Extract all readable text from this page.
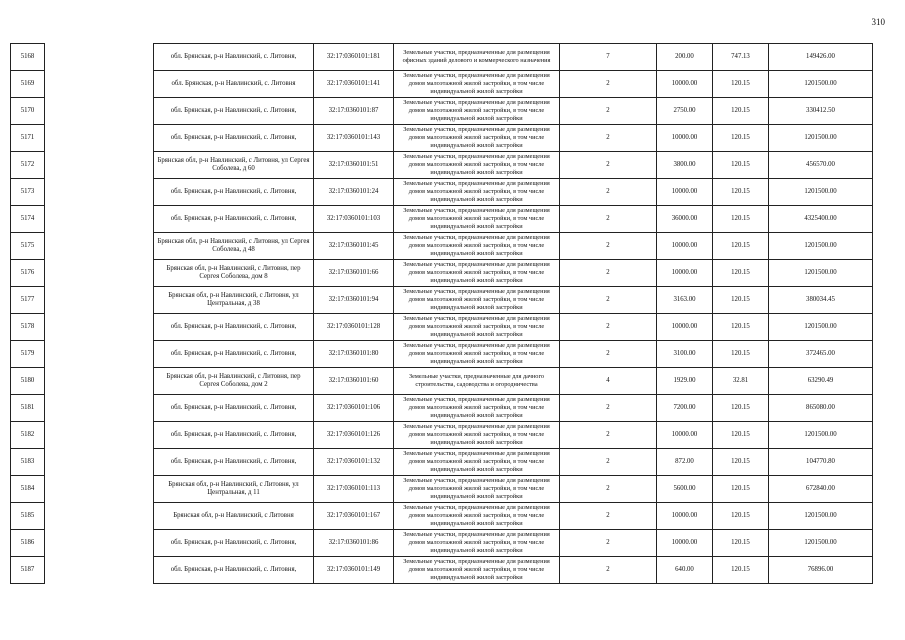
310
5168		обл. Брянская, р-н Навлинский, с. Литовня,	32:17:0360101:181	Земельные участки, предназначенные для размещения офисных зданий делового и коммерческого назначения	7	200.00	747.13	149426.00
5169		обл. Брянская, р-н Навлинский, с. Литовня	32:17:0360101:141	Земельные участки, предназначенные для размещения домов малоэтажной жилой застройки, в том числе индивидуальной жилой застройки	2	10000.00	120.15	1201500.00
5170		обл. Брянская, р-н Навлинский, с. Литовня,	32:17:0360101:87	Земельные участки, предназначенные для размещения домов малоэтажной жилой застройки, в том числе индивидуальной жилой застройки	2	2750.00	120.15	330412.50
5171		обл. Брянская, р-н Навлинский, с. Литовня,	32:17:0360101:143	Земельные участки, предназначенные для размещения домов малоэтажной жилой застройки, в том числе индивидуальной жилой застройки	2	10000.00	120.15	1201500.00
5172		Брянская обл, р-н Навлинский, с Литовня, ул Сергея Соболева, д 60	32:17:0360101:51	Земельные участки, предназначенные для размещения домов малоэтажной жилой застройки, в том числе индивидуальной жилой застройки	2	3800.00	120.15	456570.00
5173		обл. Брянская, р-н Навлинский, с. Литовня,	32:17:0360101:24	Земельные участки, предназначенные для размещения домов малоэтажной жилой застройки, в том числе индивидуальной жилой застройки	2	10000.00	120.15	1201500.00
5174		обл. Брянская, р-н Навлинский, с. Литовня,	32:17:0360101:103	Земельные участки, предназначенные для размещения домов малоэтажной жилой застройки, в том числе индивидуальной жилой застройки	2	36000.00	120.15	4325400.00
5175		Брянская обл, р-н Навлинский, с Литовня, ул Сергея Соболева, д 48	32:17:0360101:45	Земельные участки, предназначенные для размещения домов малоэтажной жилой застройки, в том числе индивидуальной жилой застройки	2	10000.00	120.15	1201500.00
5176		Брянская обл, р-н Навлинский, с Литовня, пер Сергея Соболева, дом 8	32:17:0360101:66	Земельные участки, предназначенные для размещения домов малоэтажной жилой застройки, в том числе индивидуальной жилой застройки	2	10000.00	120.15	1201500.00
5177		Брянская обл, р-н Навлинский, с Литовня, ул Центральная, д 38	32:17:0360101:94	Земельные участки, предназначенные для размещения домов малоэтажной жилой застройки, в том числе индивидуальной жилой застройки	2	3163.00	120.15	380034.45
5178		обл. Брянская, р-н Навлинский, с. Литовня,	32:17:0360101:128	Земельные участки, предназначенные для размещения домов малоэтажной жилой застройки, в том числе индивидуальной жилой застройки	2	10000.00	120.15	1201500.00
5179		обл. Брянская, р-н Навлинский, с. Литовня,	32:17:0360101:80	Земельные участки, предназначенные для размещения домов малоэтажной жилой застройки, в том числе индивидуальной жилой застройки	2	3100.00	120.15	372465.00
5180		Брянская обл, р-н Навлинский, с Литовня, пер Сергея Соболева, дом 2	32:17:0360101:60	Земельные участки, предназначенные для дачного строительства, садоводства и огородничества	4	1929.00	32.81	63290.49
5181		обл. Брянская, р-н Навлинский, с. Литовня,	32:17:0360101:106	Земельные участки, предназначенные для размещения домов малоэтажной жилой застройки, в том числе индивидуальной жилой застройки	2	7200.00	120.15	865080.00
5182		обл. Брянская, р-н Навлинский, с. Литовня,	32:17:0360101:126	Земельные участки, предназначенные для размещения домов малоэтажной жилой застройки, в том числе индивидуальной жилой застройки	2	10000.00	120.15	1201500.00
5183		обл. Брянская, р-н Навлинский, с. Литовня,	32:17:0360101:132	Земельные участки, предназначенные для размещения домов малоэтажной жилой застройки, в том числе индивидуальной жилой застройки	2	872.00	120.15	104770.80
5184		Брянская обл, р-н Навлинский, с Литовня, ул Центральная, д 11	32:17:0360101:113	Земельные участки, предназначенные для размещения домов малоэтажной жилой застройки, в том числе индивидуальной жилой застройки	2	5600.00	120.15	672840.00
5185		Брянская обл, р-н Навлинский, с Литовня	32:17:0360101:167	Земельные участки, предназначенные для размещения домов малоэтажной жилой застройки, в том числе индивидуальной жилой застройки	2	10000.00	120.15	1201500.00
5186		обл. Брянская, р-н Навлинский, с. Литовня,	32:17:0360101:86	Земельные участки, предназначенные для размещения домов малоэтажной жилой застройки, в том числе индивидуальной жилой застройки	2	10000.00	120.15	1201500.00
5187		обл. Брянская, р-н Навлинский, с. Литовня,	32:17:0360101:149	Земельные участки, предназначенные для размещения домов малоэтажной жилой застройки, в том числе индивидуальной жилой застройки	2	640.00	120.15	76896.00
